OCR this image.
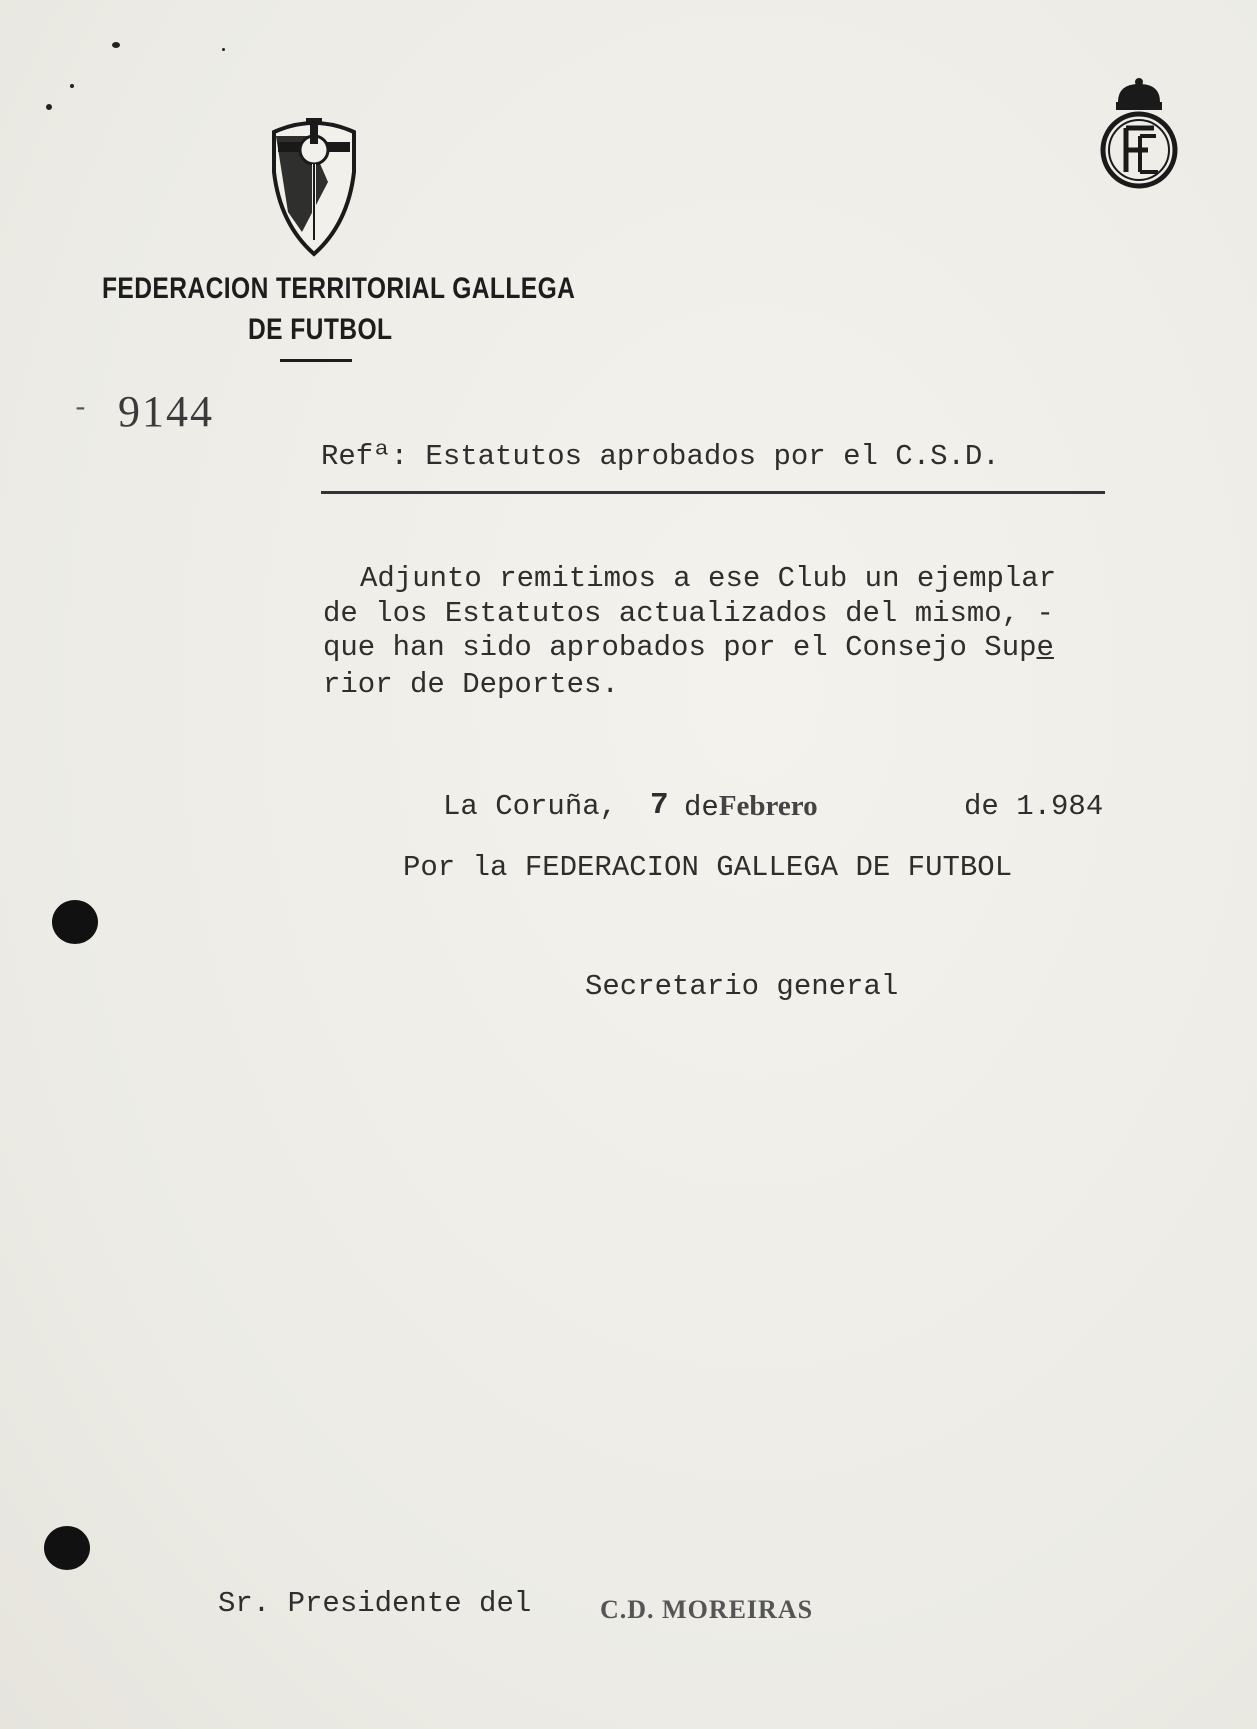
FEDERACION TERRITORIAL GALLEGA
DE FUTBOL
- 9144
Refª: Estatutos aprobados por el C.S.D.
Adjunto remitimos a ese Club un ejemplar
de los Estatutos actualizados del mismo, -
que han sido aprobados por el Consejo Supe
rior de Deportes.
La Coruña, 7 deFebrero	de 1.984
Por la FEDERACION GALLEGA DE FUTBOL
Secretario general
Sr. Presidente del	C.D. MOREIRAS
